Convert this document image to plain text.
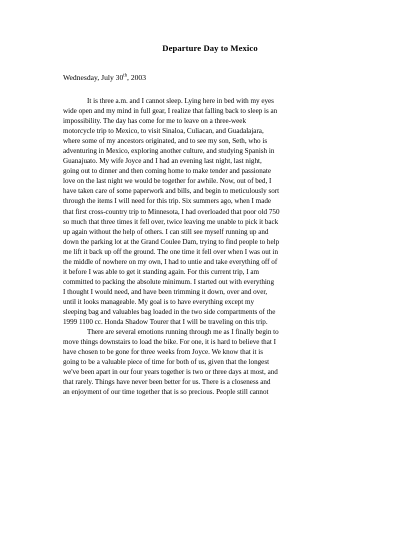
Departure Day to Mexico
Wednesday, July 30th, 2003
It is three a.m. and I cannot sleep. Lying here in bed with my eyes
wide open and my mind in full gear, I realize that falling back to sleep is an
impossibility. The day has come for me to leave on a three-week
motorcycle trip to Mexico, to visit Sinaloa, Culiacan, and Guadalajara,
where some of my ancestors originated, and to see my son, Seth, who is
adventuring in Mexico, exploring another culture, and studying Spanish in
Guanajuato. My wife Joyce and I had an evening last night, last night,
going out to dinner and then coming home to make tender and passionate
love on the last night we would be together for awhile. Now, out of bed, I
have taken care of some paperwork and bills, and begin to meticulously sort
through the items I will need for this trip. Six summers ago, when I made
that first cross-country trip to Minnesota, I had overloaded that poor old 750
so much that three times it fell over, twice leaving me unable to pick it back
up again without the help of others. I can still see myself running up and
down the parking lot at the Grand Coulee Dam, trying to find people to help
me lift it back up off the ground. The one time it fell over when I was out in
the middle of nowhere on my own, I had to untie and take everything off of
it before I was able to get it standing again. For this current trip, I am
committed to packing the absolute minimum. I started out with everything
I thought I would need, and have been trimming it down, over and over,
until it looks manageable. My goal is to have everything except my
sleeping bag and valuables bag loaded in the two side compartments of the
1999 1100 cc. Honda Shadow Tourer that I will be traveling on this trip.
There are several emotions running through me as I finally begin to
move things downstairs to load the bike. For one, it is hard to believe that I
have chosen to be gone for three weeks from Joyce. We know that it is
going to be a valuable piece of time for both of us, given that the longest
we've been apart in our four years together is two or three days at most, and
that rarely. Things have never been better for us. There is a closeness and
an enjoyment of our time together that is so precious. People still cannot
